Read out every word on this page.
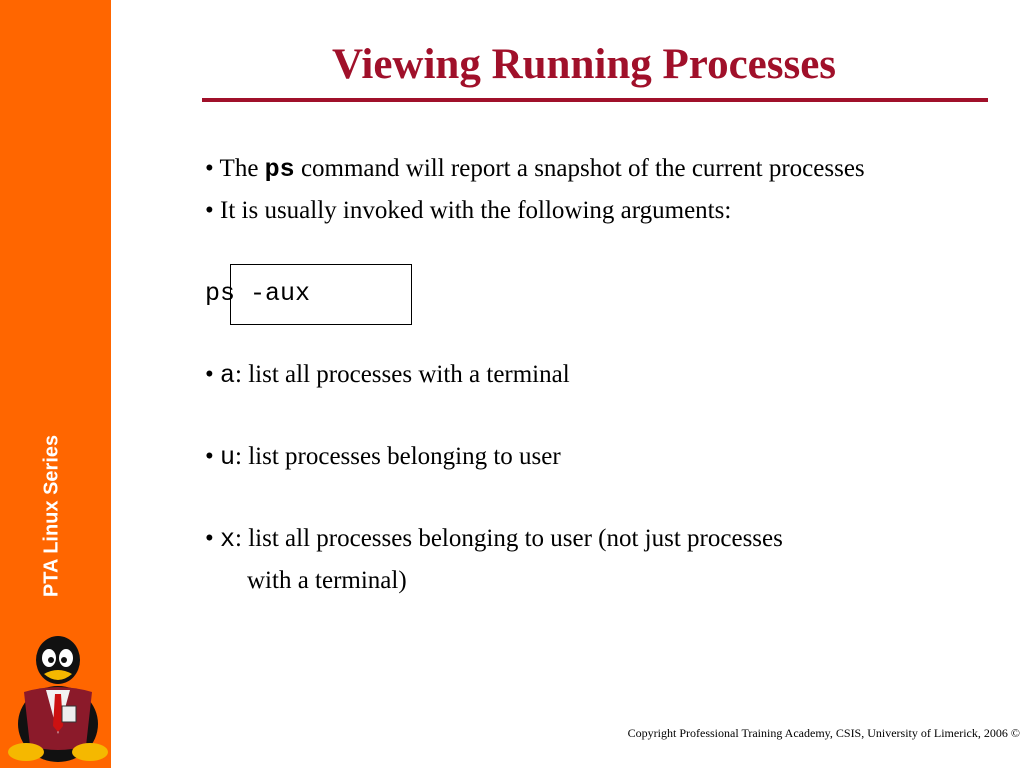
PTA Linux Series
Viewing Running Processes
• The ps command will report a snapshot of the current processes
• It is usually invoked with the following arguments:
ps -aux
• a: list all processes with a terminal
• u: list processes belonging to user
• x: list all processes belonging to user (not just processes
with a terminal)
Copyright Professional Training Academy, CSIS, University of Limerick, 2006 ©
